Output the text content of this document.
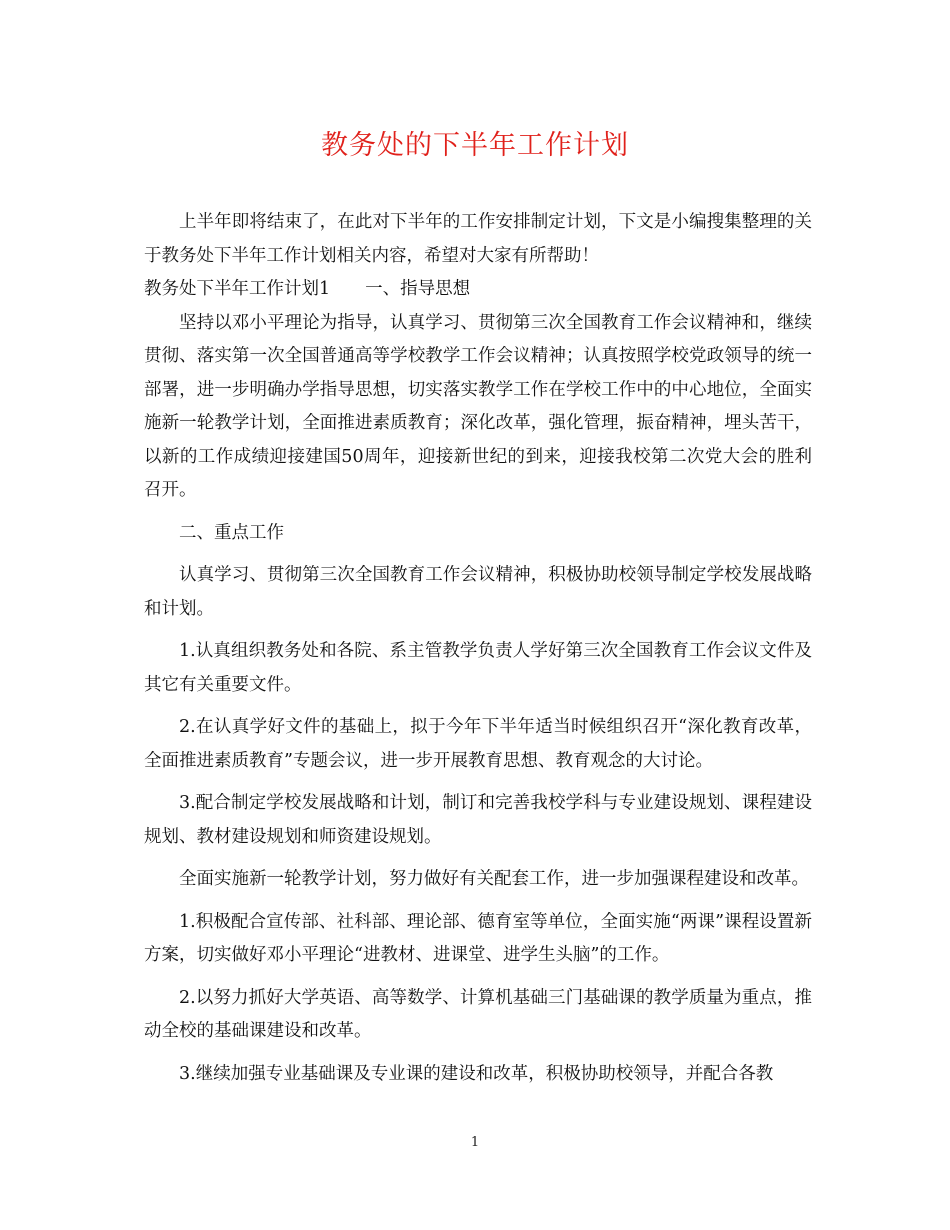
教务处的下半年工作计划

上半年即将结束了，在此对下半年的工作安排制定计划，下文是小编搜集整理的关于教务处下半年工作计划相关内容，希望对大家有所帮助！

教务处下半年工作计划1　　一、指导思想

坚持以邓小平理论为指导，认真学习、贯彻第三次全国教育工作会议精神和，继续贯彻、落实第一次全国普通高等学校教学工作会议精神；认真按照学校党政领导的统一部署，进一步明确办学指导思想，切实落实教学工作在学校工作中的中心地位，全面实施新一轮教学计划，全面推进素质教育；深化改革，强化管理，振奋精神，埋头苦干，以新的工作成绩迎接建国50周年，迎接新世纪的到来，迎接我校第二次党大会的胜利召开。

二、重点工作

认真学习、贯彻第三次全国教育工作会议精神，积极协助校领导制定学校发展战略和计划。

1.认真组织教务处和各院、系主管教学负责人学好第三次全国教育工作会议文件及其它有关重要文件。

2.在认真学好文件的基础上，拟于今年下半年适当时候组织召开“深化教育改革，全面推进素质教育”专题会议，进一步开展教育思想、教育观念的大讨论。

3.配合制定学校发展战略和计划，制订和完善我校学科与专业建设规划、课程建设规划、教材建设规划和师资建设规划。

全面实施新一轮教学计划，努力做好有关配套工作，进一步加强课程建设和改革。

1.积极配合宣传部、社科部、理论部、德育室等单位，全面实施“两课”课程设置新方案，切实做好邓小平理论“进教材、进课堂、进学生头脑”的工作。

2.以努力抓好大学英语、高等数学、计算机基础三门基础课的教学质量为重点，推动全校的基础课建设和改革。

3.继续加强专业基础课及专业课的建设和改革，积极协助校领导，并配合各教

1
